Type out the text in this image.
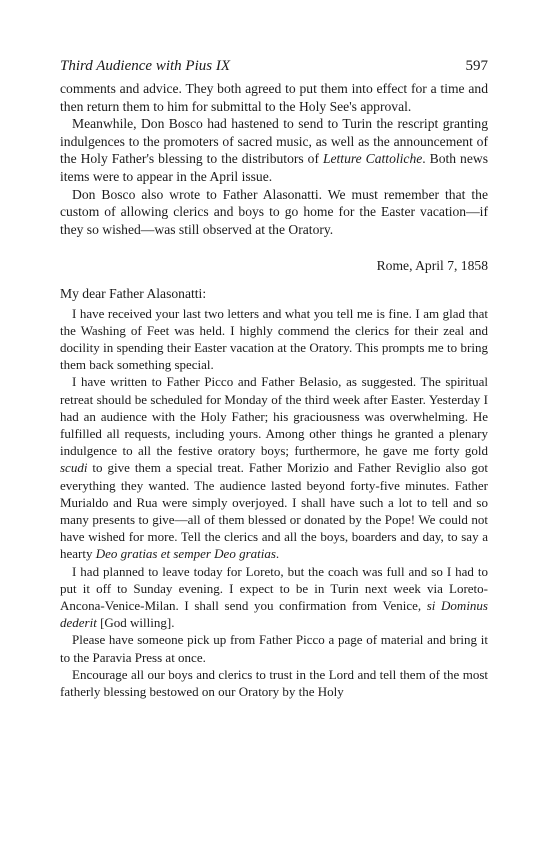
Third Audience with Pius IX	597

comments and advice. They both agreed to put them into effect for a time and then return them to him for submittal to the Holy See's approval.

Meanwhile, Don Bosco had hastened to send to Turin the rescript granting indulgences to the promoters of sacred music, as well as the announcement of the Holy Father's blessing to the distributors of Letture Cattoliche. Both news items were to appear in the April issue.

Don Bosco also wrote to Father Alasonatti. We must remember that the custom of allowing clerics and boys to go home for the Easter vacation—if they so wished—was still observed at the Oratory.

Rome, April 7, 1858

My dear Father Alasonatti:

I have received your last two letters and what you tell me is fine. I am glad that the Washing of Feet was held. I highly commend the clerics for their zeal and docility in spending their Easter vacation at the Oratory. This prompts me to bring them back something special.

I have written to Father Picco and Father Belasio, as suggested. The spiritual retreat should be scheduled for Monday of the third week after Easter. Yesterday I had an audience with the Holy Father; his graciousness was overwhelming. He fulfilled all requests, including yours. Among other things he granted a plenary indulgence to all the festive oratory boys; furthermore, he gave me forty gold scudi to give them a special treat. Father Morizio and Father Reviglio also got everything they wanted. The audience lasted beyond forty-five minutes. Father Murialdo and Rua were simply overjoyed. I shall have such a lot to tell and so many presents to give—all of them blessed or donated by the Pope! We could not have wished for more. Tell the clerics and all the boys, boarders and day, to say a hearty Deo gratias et semper Deo gratias.

I had planned to leave today for Loreto, but the coach was full and so I had to put it off to Sunday evening. I expect to be in Turin next week via Loreto-Ancona-Venice-Milan. I shall send you confirmation from Venice, si Dominus dederit [God willing].

Please have someone pick up from Father Picco a page of material and bring it to the Paravia Press at once.

Encourage all our boys and clerics to trust in the Lord and tell them of the most fatherly blessing bestowed on our Oratory by the Holy
